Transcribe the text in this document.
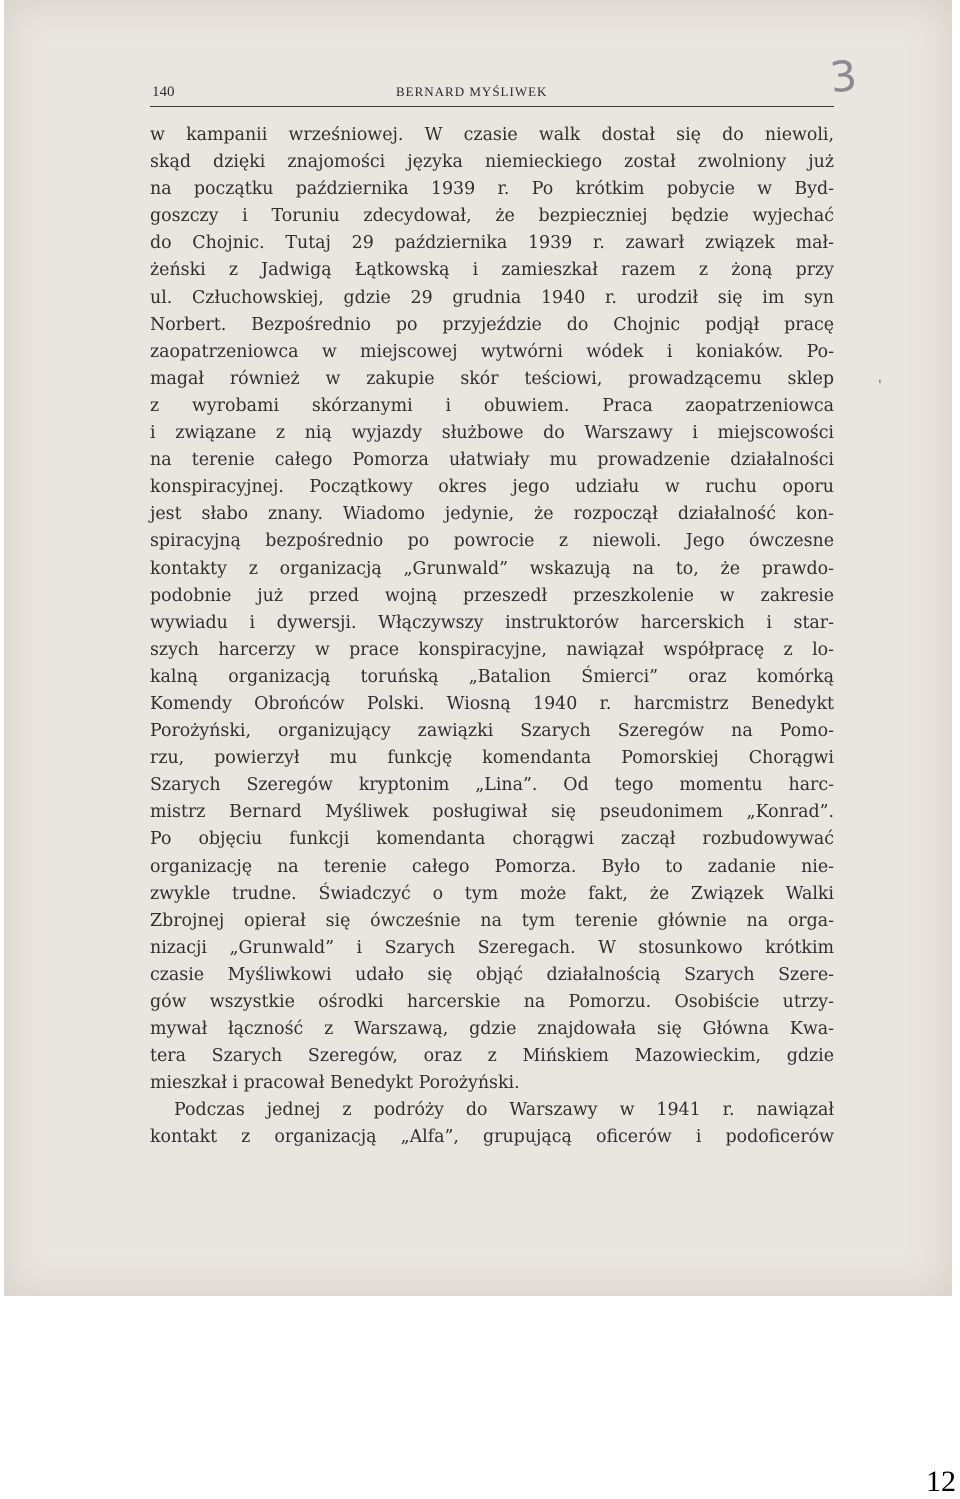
140	BERNARD MYŚLIWEK	3
'
w kampanii wrześniowej. W czasie walk dostał się do niewoli,
skąd dzięki znajomości języka niemieckiego został zwolniony już
na początku października 1939 r. Po krótkim pobycie w Byd-
goszczy i Toruniu zdecydował, że bezpieczniej będzie wyjechać
do Chojnic. Tutaj 29 października 1939 r. zawarł związek mał-
żeński z Jadwigą Łątkowską i zamieszkał razem z żoną przy
ul. Człuchowskiej, gdzie 29 grudnia 1940 r. urodził się im syn
Norbert. Bezpośrednio po przyjeździe do Chojnic podjął pracę
zaopatrzeniowca w miejscowej wytwórni wódek i koniaków. Po-
magał również w zakupie skór teściowi, prowadzącemu sklep
z wyrobami skórzanymi i obuwiem. Praca zaopatrzeniowca
i związane z nią wyjazdy służbowe do Warszawy i miejscowości
na terenie całego Pomorza ułatwiały mu prowadzenie działalności
konspiracyjnej. Początkowy okres jego udziału w ruchu oporu
jest słabo znany. Wiadomo jedynie, że rozpoczął działalność kon-
spiracyjną bezpośrednio po powrocie z niewoli. Jego ówczesne
kontakty z organizacją „Grunwald” wskazują na to, że prawdo-
podobnie już przed wojną przeszedł przeszkolenie w zakresie
wywiadu i dywersji. Włączywszy instruktorów harcerskich i star-
szych harcerzy w prace konspiracyjne, nawiązał współpracę z lo-
kalną organizacją toruńską „Batalion Śmierci” oraz komórką
Komendy Obrońców Polski. Wiosną 1940 r. harcmistrz Benedykt
Porożyński, organizujący zawiązki Szarych Szeregów na Pomo-
rzu, powierzył mu funkcję komendanta Pomorskiej Chorągwi
Szarych Szeregów kryptonim „Lina”. Od tego momentu harc-
mistrz Bernard Myśliwek posługiwał się pseudonimem „Konrad”.
Po objęciu funkcji komendanta chorągwi zaczął rozbudowywać
organizację na terenie całego Pomorza. Było to zadanie nie-
zwykle trudne. Świadczyć o tym może fakt, że Związek Walki
Zbrojnej opierał się ówcześnie na tym terenie głównie na orga-
nizacji „Grunwald” i Szarych Szeregach. W stosunkowo krótkim
czasie Myśliwkowi udało się objąć działalnością Szarych Szere-
gów wszystkie ośrodki harcerskie na Pomorzu. Osobiście utrzy-
mywał łączność z Warszawą, gdzie znajdowała się Główna Kwa-
tera Szarych Szeregów, oraz z Mińskiem Mazowieckim, gdzie
mieszkał i pracował Benedykt Porożyński.
Podczas jednej z podróży do Warszawy w 1941 r. nawiązał
kontakt z organizacją „Alfa”, grupującą oficerów i podoficerów
12
